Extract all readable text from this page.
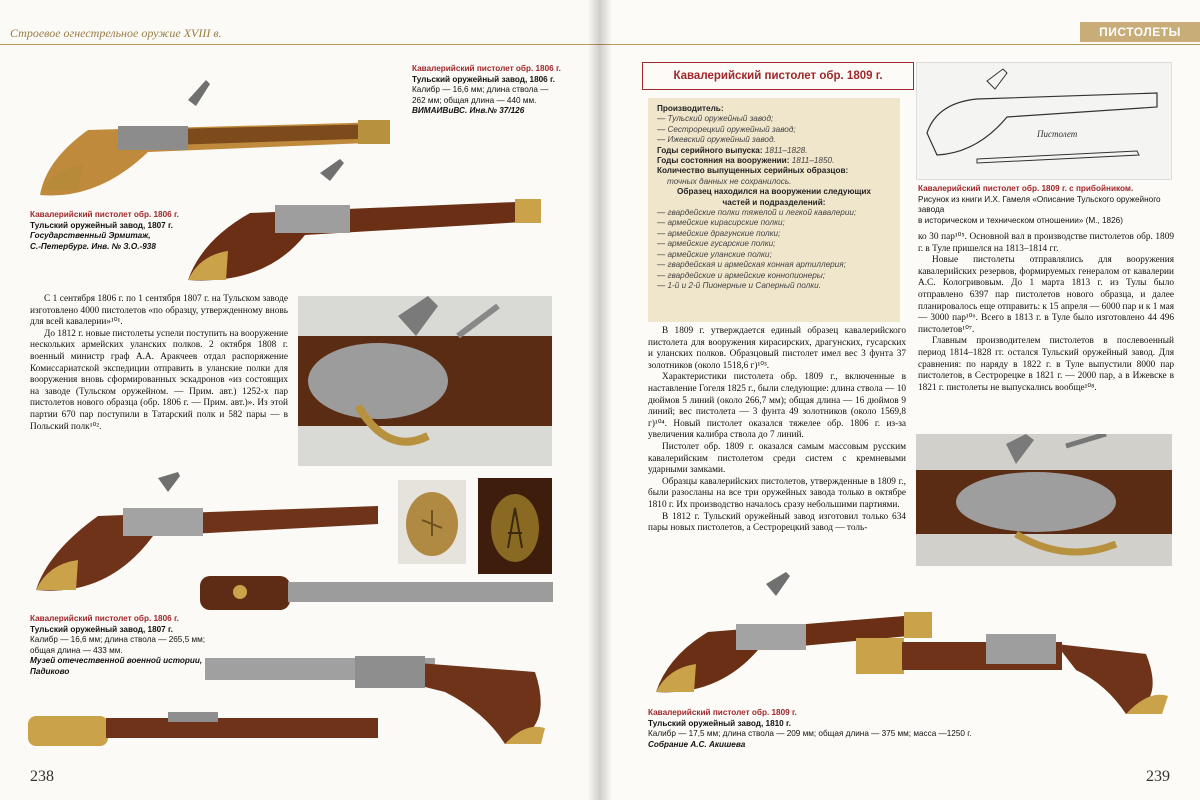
Строевое огнестрельное оружие XVIII в.
Кавалерийский пистолет обр. 1806 г.
Тульский оружейный завод, 1806 г.
Калибр — 16,6 мм; длина ствола — 262 мм; общая длина — 440 мм.
ВИМАИВиВС. Инв.№ 37/126
Кавалерийский пистолет обр. 1806 г.
Тульский оружейный завод, 1807 г.
Государственный Эрмитаж,
С.-Петербург. Инв. № З.О.-938

С 1 сентября 1806 г. по 1 сентября 1807 г. на Тульском заводе изготовлено 4000 пистолетов «по образцу, утвержденному вновь для всей кавалерии»¹⁰¹.

До 1812 г. новые пистолеты успели поступить на вооружение нескольких армейских уланских полков. 2 октября 1808 г. военный министр граф А.А. Аракчеев отдал распоряжение Комиссариатской экспедиции отправить в уланские полки для вооружения вновь сформированных эскадронов «из состоящих на заводе (Тульском оружейном. — Прим. авт.) 1252-х пар пистолетов нового образца (обр. 1806 г. — Прим. авт.)». Из этой партии 670 пар поступили в Татарский полк и 582 пары — в Польский полк¹⁰².

Кавалерийский пистолет обр. 1806 г.
Тульский оружейный завод, 1807 г.
Калибр — 16,6 мм; длина ствола — 265,5 мм;
общая длина — 433 мм.
Музей отечественной военной истории,
Падиково
238
ПИСТОЛЕТЫ
Кавалерийский пистолет обр. 1809 г.
Производитель:
— Тульский оружейный завод;
— Сестрорецкий оружейный завод;
— Ижевский оружейный завод.
Годы серийного выпуска: 1811–1828.
Годы состояния на вооружении: 1811–1850.
Количество выпущенных серийных образцов:
точных данных не сохранилось.
Образец находился на вооружении следующих
частей и подразделений:
— гвардейские полки тяжелой и легкой кавалерии;
— армейские кирасирские полки;
— армейские драгунские полки;
— армейские гусарские полки;
— армейские уланские полки;
— гвардейская и армейская конная артиллерия;
— гвардейские и армейские коннопионеры;
— 1-й и 2-й Пионерные и Саперный полки.
Пистолет
Кавалерийский пистолет обр. 1809 г. с прибойником.
Рисунок из книги И.Х. Гамеля «Описание Тульского оружейного завода
в историческом и техническом отношении» (М., 1826)

В 1809 г. утверждается единый образец кавалерийского пистолета для вооружения кирасирских, драгунских, гусарских и уланских полков. Образцовый пистолет имел вес 3 фунта 37 золотников (около 1518,6 г)¹⁰³.

Характеристики пистолета обр. 1809 г., включенные в наставление Гогеля 1825 г., были следующие: длина ствола — 10 дюймов 5 линий (около 266,7 мм); общая длина — 16 дюймов 9 линий; вес пистолета — 3 фунта 49 золотников (около 1569,8 г)¹⁰⁴. Новый пистолет оказался тяжелее обр. 1806 г. из-за увеличения калибра ствола до 7 линий.

Пистолет обр. 1809 г. оказался самым массовым русским кавалерийским пистолетом среди систем с кремневыми ударными замками.

Образцы кавалерийских пистолетов, утвержденные в 1809 г., были разосланы на все три оружейных завода только в октябре 1810 г. Их производство началось сразу небольшими партиями.

В 1812 г. Тульский оружейный завод изготовил только 634 пары новых пистолетов, а Сестрорецкий завод — толь-

ко 30 пар¹⁰⁵. Основной вал в производстве пистолетов обр. 1809 г. в Туле пришелся на 1813–1814 гг.

Новые пистолеты отправлялись для вооружения кавалерийских резервов, формируемых генералом от кавалерии А.С. Кологривовым. До 1 марта 1813 г. из Тулы было отправлено 6397 пар пистолетов нового образца, и далее планировалось еще отправить: к 15 апреля — 6000 пар и к 1 мая — 3000 пар¹⁰⁶. Всего в 1813 г. в Туле было изготовлено 44 496 пистолетов¹⁰⁷.

Главным производителем пистолетов в послевоенный период 1814–1828 гг. остался Тульский оружейный завод. Для сравнения: по наряду в 1822 г. в Туле выпустили 8000 пар пистолетов, в Сестрорецке в 1821 г. — 2000 пар, а в Ижевске в 1821 г. пистолеты не выпускались вообще¹⁰⁸.

Кавалерийский пистолет обр. 1809 г.
Тульский оружейный завод, 1810 г.
Калибр — 17,5 мм; длина ствола — 209 мм; общая длина — 375 мм; масса —1250 г.
Собрание А.С. Акишева
239
